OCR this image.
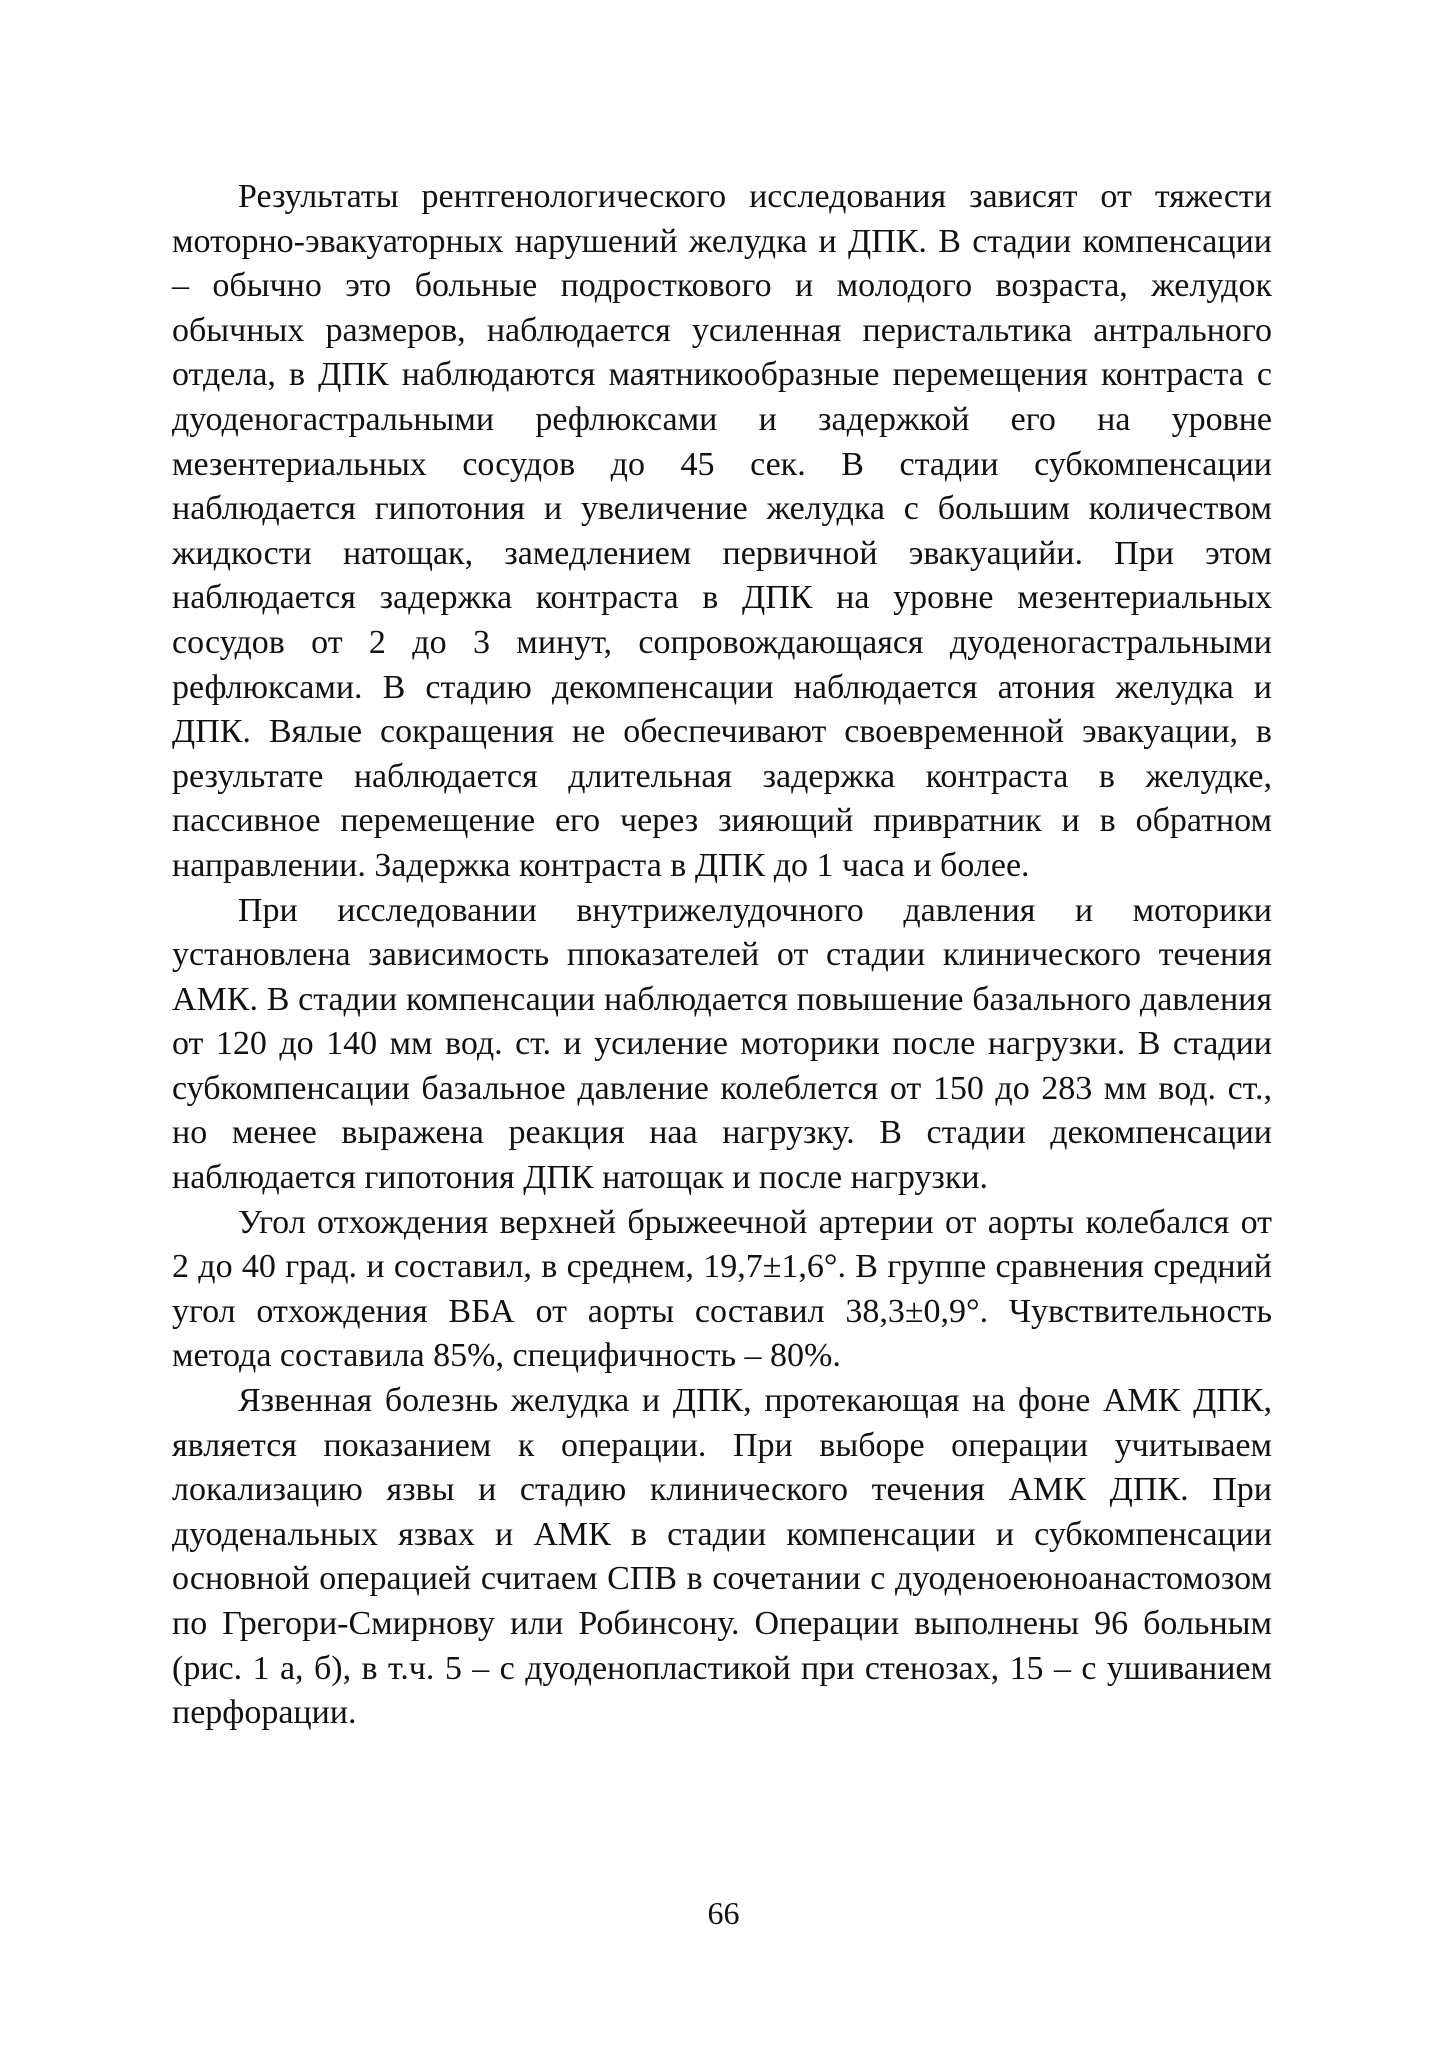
Результаты рентгенологического исследования зависят от тяжести моторно-эвакуаторных нарушений желудка и ДПК. В стадии компенсации – обычно это больные подросткового и молодого возраста, желудок обычных размеров, наблюдается усиленная перистальтика антрального отдела, в ДПК наблюдаются маятникообразные перемещения контраста с дуоденогастральными рефлюксами и задержкой его на уровне мезентериальных сосудов до 45 сек. В стадии субкомпенсации наблюдается гипотония и увеличение желудка с большим количеством жидкости натощак, замедлением первичной эвакуацийи. При этом наблюдается задержка контраста в ДПК на уровне мезентериальных сосудов от 2 до 3 минут, сопровождающаяся дуоденогастральными рефлюксами. В стадию декомпенсации наблюдается атония желудка и ДПК. Вялые сокращения не обеспечивают своевременной эвакуации, в результате наблюдается длительная задержка контраста в желудке, пассивное перемещение его через зияющий привратник и в обратном направлении. Задержка контраста в ДПК до 1 часа и более.

При исследовании внутрижелудочного давления и моторики установлена зависимость ппоказателей от стадии клинического течения АМК. В стадии компенсации наблюдается повышение базального давления от 120 до 140 мм вод. ст. и усиление моторики после нагрузки. В стадии субкомпенсации базальное давление колеблется от 150 до 283 мм вод. ст., но менее выражена реакция наа нагрузку. В стадии декомпенсации наблюдается гипотония ДПК натощак и после нагрузки.

Угол отхождения верхней брыжеечной артерии от аорты колебался от 2 до 40 град. и составил, в среднем, 19,7±1,6°. В группе сравнения средний угол отхождения ВБА от аорты составил 38,3±0,9°. Чувствительность метода составила 85%, специфичность – 80%.

Язвенная болезнь желудка и ДПК, протекающая на фоне АМК ДПК, является показанием к операции. При выборе операции учитываем локализацию язвы и стадию клинического течения АМК ДПК. При дуоденальных язвах и АМК в стадии компенсации и субкомпенсации основной операцией считаем СПВ в сочетании с дуоденоеюноанастомозом по Грегори-Смирнову или Робинсону. Операции выполнены 96 больным (рис. 1 а, б), в т.ч. 5 – с дуоденопластикой при стенозах, 15 – с ушиванием перфорации.

66
